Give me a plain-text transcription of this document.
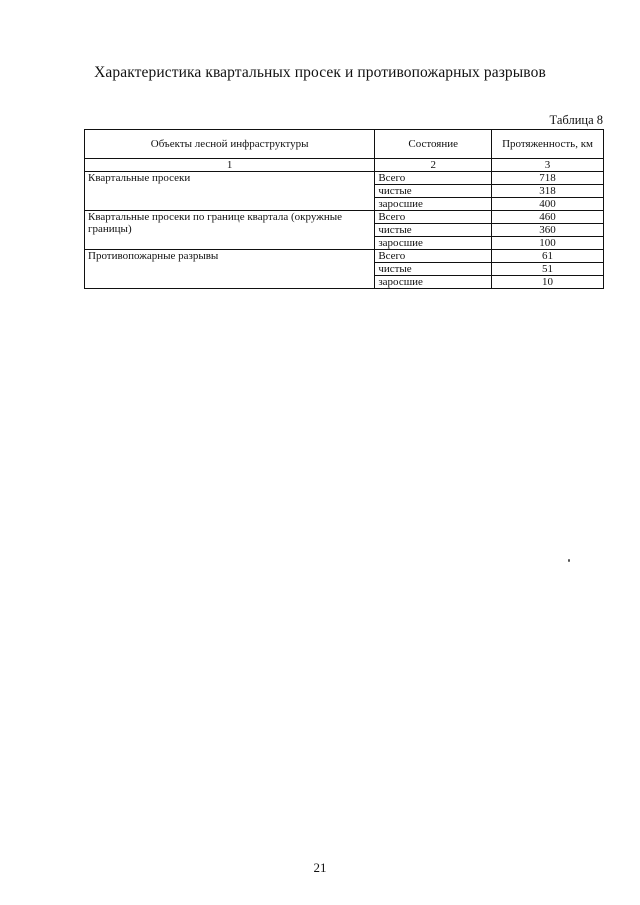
Характеристика квартальных просек и противопожарных разрывов
Таблица 8
Объекты лесной инфраструктуры	Состояние	Протяженность, км
1	2	3
Квартальные просеки	Всего	718
	чистые	318
	заросшие	400
Квартальные просеки по границе квартала (окружные границы)	Всего	460
	чистые	360
	заросшие	100
Противопожарные разрывы	Всего	61
	чистые	51
	заросшие	10
21
